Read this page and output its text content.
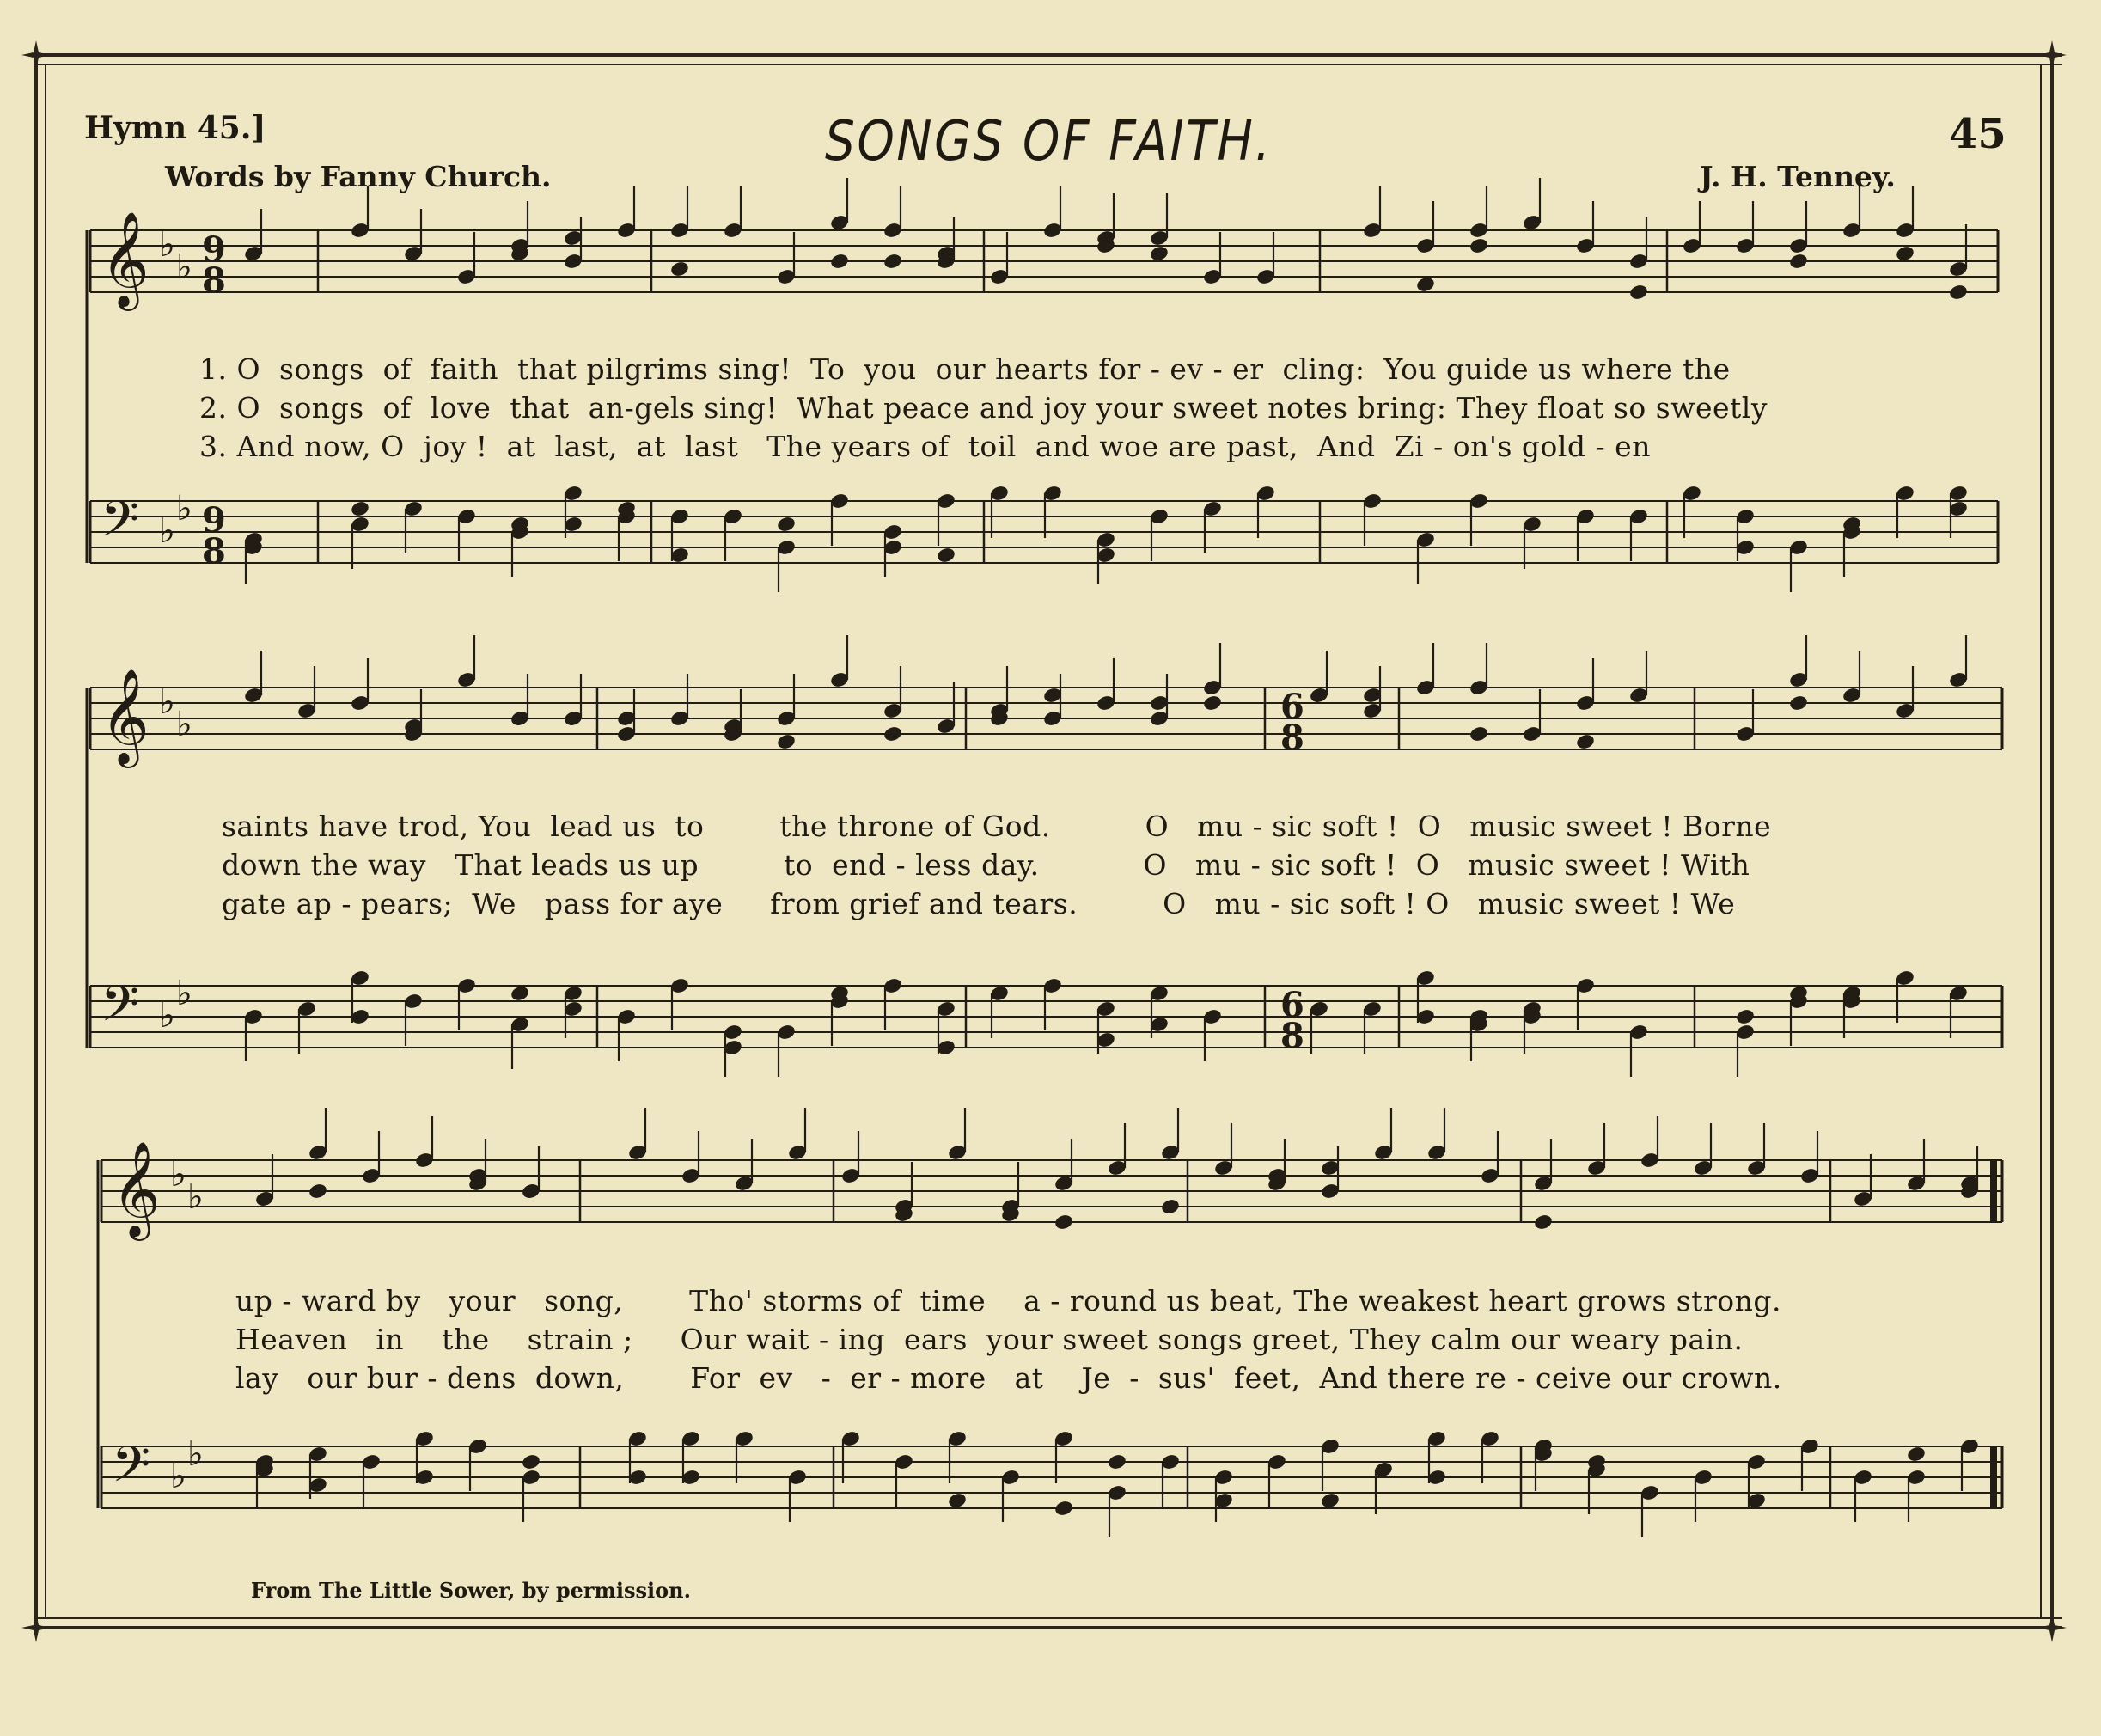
Hymn 45.]	SONGS OF FAITH.	45
Words by Fanny Church.	J. H. Tenney.
𝄞 ♭
♭ 9
8
𝄢 ♭
♭ 9
8
𝄞 ♭
♭
𝄢 ♭
♭
𝄞 ♭
♭
𝄢 ♭
♭
6
8
6
8
1. O  songs  of  faith  that pilgrims sing!  To  you  our hearts for - ev - er  cling:  You guide us where the
2. O  songs  of  love  that  an-gels sing!  What peace and joy your sweet notes bring: They float so sweetly
3. And now, O  joy !  at  last,  at  last   The years of  toil  and woe are past,  And  Zi - on's gold - en
saints have trod, You  lead us  to        the throne of God.          O   mu - sic soft !  O   music sweet ! Borne
down the way   That leads us up         to  end - less day.           O   mu - sic soft !  O   music sweet ! With
gate ap - pears;  We   pass for aye     from grief and tears.         O   mu - sic soft ! O   music sweet ! We
up - ward by   your   song,       Tho' storms of  time    a - round us beat, The weakest heart grows strong.
Heaven   in    the    strain ;     Our wait - ing  ears  your sweet songs greet, They calm our weary pain.
lay   our bur - dens  down,       For  ev   -  er - more   at    Je  -  sus'  feet,  And there re - ceive our crown.
From The Little Sower, by permission.
